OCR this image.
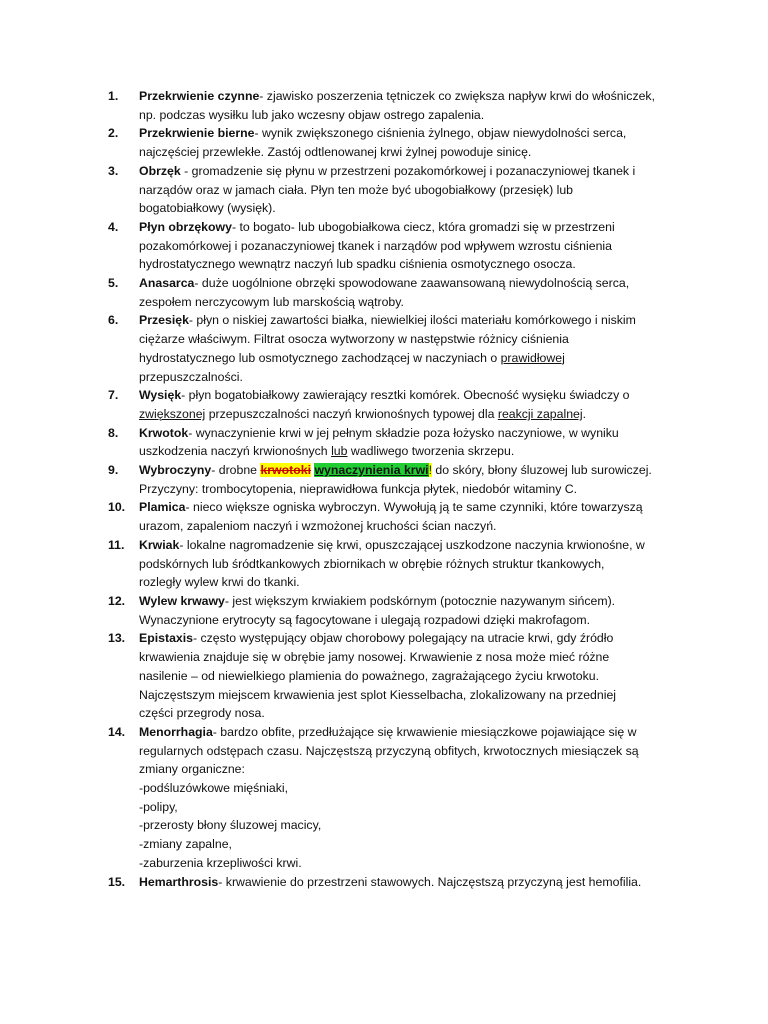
1.	Przekrwienie czynne- zjawisko poszerzenia tętniczek co zwiększa napływ krwi do włośniczek,
np. podczas wysiłku lub jako wczesny objaw ostrego zapalenia.
2.	Przekrwienie bierne- wynik zwiększonego ciśnienia żylnego, objaw niewydolności serca,
najczęściej przewlekłe. Zastój odtlenowanej krwi żylnej powoduje sinicę.
3.	Obrzęk - gromadzenie się płynu w przestrzeni pozakomórkowej i pozanaczyniowej tkanek i
narządów oraz w jamach ciała. Płyn ten może być ubogobiałkowy (przesięk) lub
bogatobiałkowy (wysięk).
4.	Płyn obrzękowy- to bogato- lub ubogobiałkowa ciecz, która gromadzi się w przestrzeni
pozakomórkowej i pozanaczyniowej tkanek i narządów pod wpływem wzrostu ciśnienia
hydrostatycznego wewnątrz naczyń lub spadku ciśnienia osmotycznego osocza.
5.	Anasarca- duże uogólnione obrzęki spowodowane zaawansowaną niewydolnością serca,
zespołem nerczycowym lub marskością wątroby.
6.	Przesięk- płyn o niskiej zawartości białka, niewielkiej ilości materiału komórkowego i niskim
ciężarze właściwym. Filtrat osocza wytworzony w następstwie różnicy ciśnienia
hydrostatycznego lub osmotycznego zachodzącej w naczyniach o prawidłowej
przepuszczalności.
7.	Wysięk- płyn bogatobiałkowy zawierający resztki komórek. Obecność wysięku świadczy o
zwiększonej przepuszczalności naczyń krwionośnych typowej dla reakcji zapalnej.
8.	Krwotok- wynaczynienie krwi w jej pełnym składzie poza łożysko naczyniowe, w wyniku
uszkodzenia naczyń krwionośnych lub wadliwego tworzenia skrzepu.
9.	Wybroczyny- drobne krwotoki wynaczynienia krwi! do skóry, błony śluzowej lub surowiczej.
Przyczyny: trombocytopenia, nieprawidłowa funkcja płytek, niedobór witaminy C.
10.	Plamica- nieco większe ogniska wybroczyn. Wywołują ją te same czynniki, które towarzyszą
urazom, zapaleniom naczyń i wzmożonej kruchości ścian naczyń.
11.	Krwiak- lokalne nagromadzenie się krwi, opuszczającej uszkodzone naczynia krwionośne, w
podskórnych lub śródtkankowych zbiornikach w obrębie różnych struktur tkankowych,
rozległy wylew krwi do tkanki.
12.	Wylew krwawy- jest większym krwiakiem podskórnym (potocznie nazywanym sińcem).
Wynaczynione erytrocyty są fagocytowane i ulegają rozpadowi dzięki makrofagom.
13.	Epistaxis- często występujący objaw chorobowy polegający na utracie krwi, gdy źródło
krwawienia znajduje się w obrębie jamy nosowej. Krwawienie z nosa może mieć różne
nasilenie – od niewielkiego plamienia do poważnego, zagrażającego życiu krwotoku.
Najczęstszym miejscem krwawienia jest splot Kiesselbacha, zlokalizowany na przedniej
części przegrody nosa.
14.	Menorrhagia- bardzo obfite, przedłużające się krwawienie miesiączkowe pojawiające się w
regularnych odstępach czasu. Najczęstszą przyczyną obfitych, krwotocznych miesiączek są
zmiany organiczne:
-podśluzówkowe mięśniaki,
-polipy,
-przerosty błony śluzowej macicy,
-zmiany zapalne,
-zaburzenia krzepliwości krwi.
15.	Hemarthrosis- krwawienie do przestrzeni stawowych. Najczęstszą przyczyną jest hemofilia.
